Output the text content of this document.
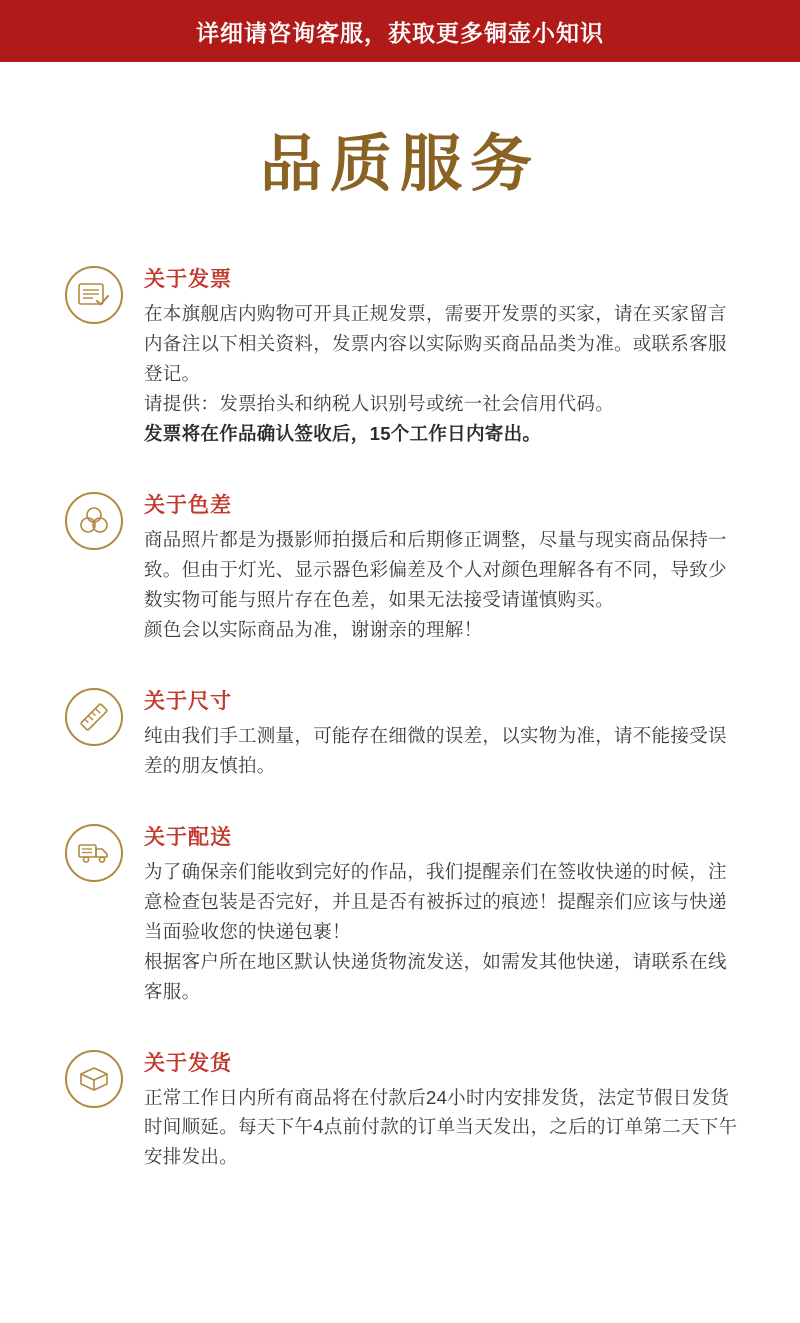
详细请咨询客服，获取更多铜壶小知识
品质服务
关于发票

在本旗舰店内购物可开具正规发票，需要开发票的买家，请在买家留言内备注以下相关资料，发票内容以实际购买商品品类为准。或联系客服登记。

请提供：发票抬头和纳税人识别号或统一社会信用代码。

发票将在作品确认签收后，15个工作日内寄出。

关于色差

商品照片都是为摄影师拍摄后和后期修正调整，尽量与现实商品保持一致。但由于灯光、显示器色彩偏差及个人对颜色理解各有不同，导致少数实物可能与照片存在色差，如果无法接受请谨慎购买。

颜色会以实际商品为准，谢谢亲的理解！

关于尺寸

纯由我们手工测量，可能存在细微的误差，以实物为准，请不能接受误差的朋友慎拍。

关于配送

为了确保亲们能收到完好的作品，我们提醒亲们在签收快递的时候，注意检查包装是否完好，并且是否有被拆过的痕迹！提醒亲们应该与快递当面验收您的快递包裹！

根据客户所在地区默认快递货物流发送，如需发其他快递，请联系在线客服。

关于发货

正常工作日内所有商品将在付款后24小时内安排发货，法定节假日发货时间顺延。每天下午4点前付款的订单当天发出，之后的订单第二天下午安排发出。
